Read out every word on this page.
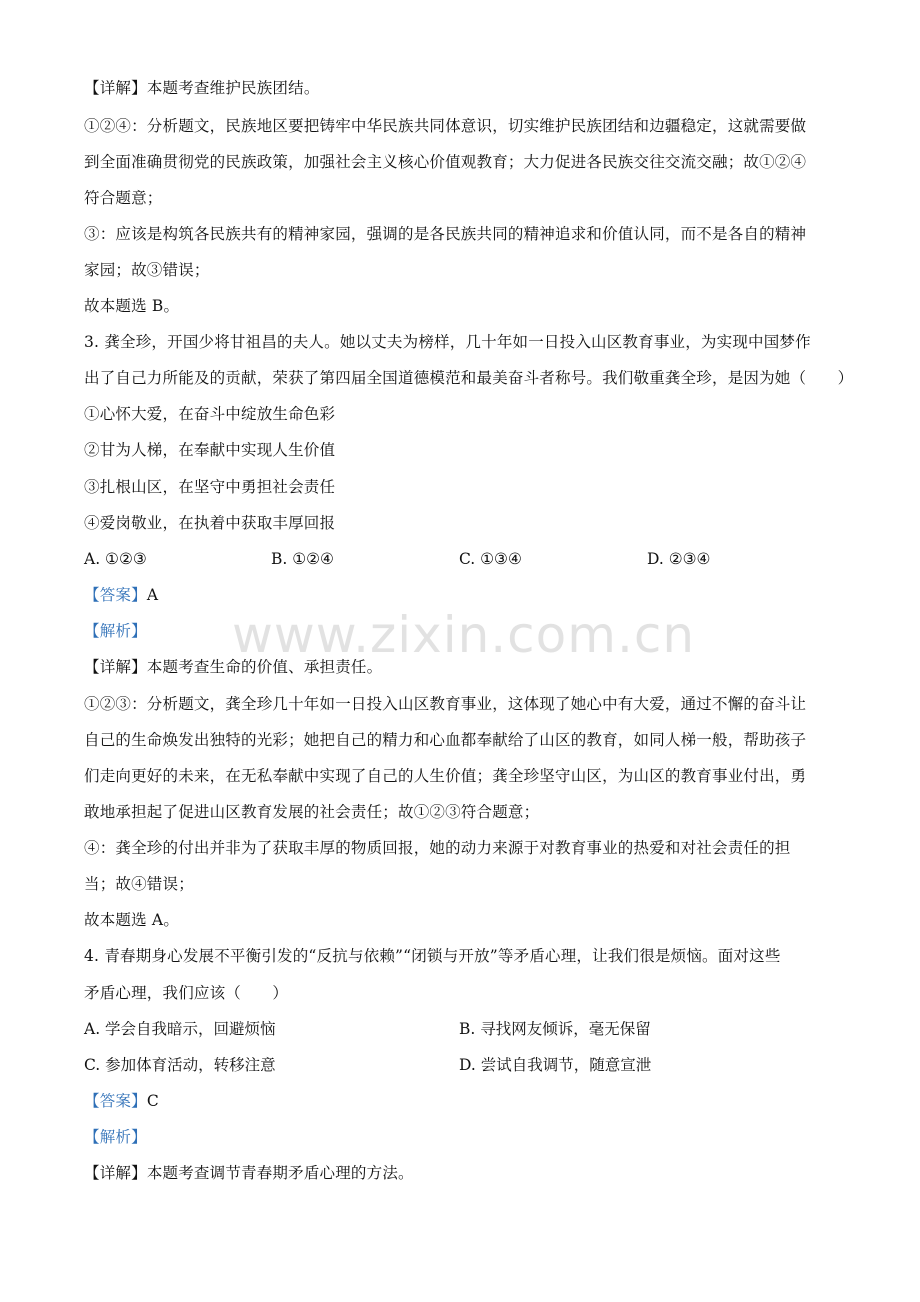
www.zixin.com.cn
【详解】本题考查维护民族团结。
①②④：分析题文，民族地区要把铸牢中华民族共同体意识，切实维护民族团结和边疆稳定，这就需要做
到全面准确贯彻党的民族政策，加强社会主义核心价值观教育；大力促进各民族交往交流交融；故①②④
符合题意；
③：应该是构筑各民族共有的精神家园，强调的是各民族共同的精神追求和价值认同，而不是各自的精神
家园；故③错误；
故本题选 B。
3. 龚全珍，开国少将甘祖昌的夫人。她以丈夫为榜样，几十年如一日投入山区教育事业，为实现中国梦作
出了自己力所能及的贡献，荣获了第四届全国道德模范和最美奋斗者称号。我们敬重龚全珍，是因为她（　　）
①心怀大爱，在奋斗中绽放生命色彩
②甘为人梯，在奉献中实现人生价值
③扎根山区，在坚守中勇担社会责任
④爱岗敬业，在执着中获取丰厚回报
A. ①②③	B. ①②④	C. ①③④	D. ②③④
【答案】A
【解析】
【详解】本题考查生命的价值、承担责任。
①②③：分析题文，龚全珍几十年如一日投入山区教育事业，这体现了她心中有大爱，通过不懈的奋斗让
自己的生命焕发出独特的光彩；她把自己的精力和心血都奉献给了山区的教育，如同人梯一般，帮助孩子
们走向更好的未来，在无私奉献中实现了自己的人生价值；龚全珍坚守山区，为山区的教育事业付出，勇
敢地承担起了促进山区教育发展的社会责任；故①②③符合题意；
④：龚全珍的付出并非为了获取丰厚的物质回报，她的动力来源于对教育事业的热爱和对社会责任的担
当；故④错误；
故本题选 A。
4. 青春期身心发展不平衡引发的“反抗与依赖”“闭锁与开放”等矛盾心理，让我们很是烦恼。面对这些
矛盾心理，我们应该（　　）
A. 学会自我暗示，回避烦恼	B. 寻找网友倾诉，毫无保留
C. 参加体育活动，转移注意	D. 尝试自我调节，随意宣泄
【答案】C
【解析】
【详解】本题考查调节青春期矛盾心理的方法。
